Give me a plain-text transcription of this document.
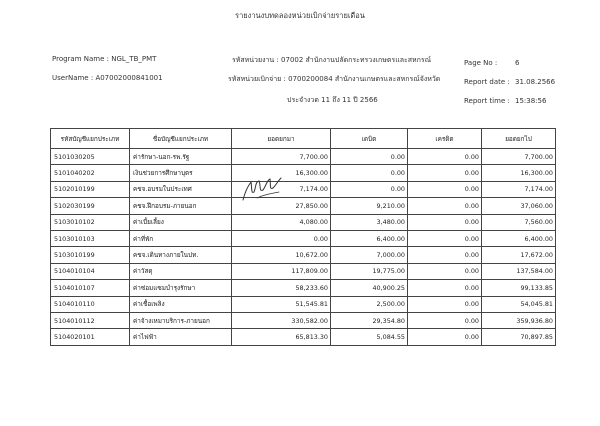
รายงานงบทดลองหน่วยเบิกจ่ายรายเดือน
Program Name : NGL_TB_PMT
UserName : A07002000841001
รหัสหน่วยงาน : 07002 สำนักงานปลัดกระทรวงเกษตรและสหกรณ์
รหัสหน่วยเบิกจ่าย : 0700200084 สำนักงานเกษตรและสหกรณ์จังหวัด
ประจำงวด 11 ถึง 11 ปี 2566
Page No :	6
Report date : 31.08.2566
Report time : 15:38:56
รหัสบัญชีแยกประเภท	ชื่อบัญชีแยกประเภท	ยอดยกมา	เดบิต	เครดิต	ยอดยกไป
5101030205	ค่ารักษา-นอก-รพ.รัฐ	7,700.00	0.00	0.00	7,700.00
5101040202	เงินช่วยการศึกษาบุตร	16,300.00	0.00	0.00	16,300.00
5102010199	คชจ.อบรมในประเทศ	7,174.00	0.00	0.00	7,174.00
5102030199	คชจ.ฝึกอบรม-ภายนอก	27,850.00	9,210.00	0.00	37,060.00
5103010102	ค่าเบี้ยเลี้ยง	4,080.00	3,480.00	0.00	7,560.00
5103010103	ค่าที่พัก	0.00	6,400.00	0.00	6,400.00
5103010199	คชจ.เดินทางภายในปท.	10,672.00	7,000.00	0.00	17,672.00
5104010104	ค่าวัสดุ	117,809.00	19,775.00	0.00	137,584.00
5104010107	ค่าซ่อมแซมบำรุงรักษา	58,233.60	40,900.25	0.00	99,133.85
5104010110	ค่าเชื้อเพลิง	51,545.81	2,500.00	0.00	54,045.81
5104010112	ค่าจ้างเหมาบริการ-ภายนอก	330,582.00	29,354.80	0.00	359,936.80
5104020101	ค่าไฟฟ้า	65,813.30	5,084.55	0.00	70,897.85
